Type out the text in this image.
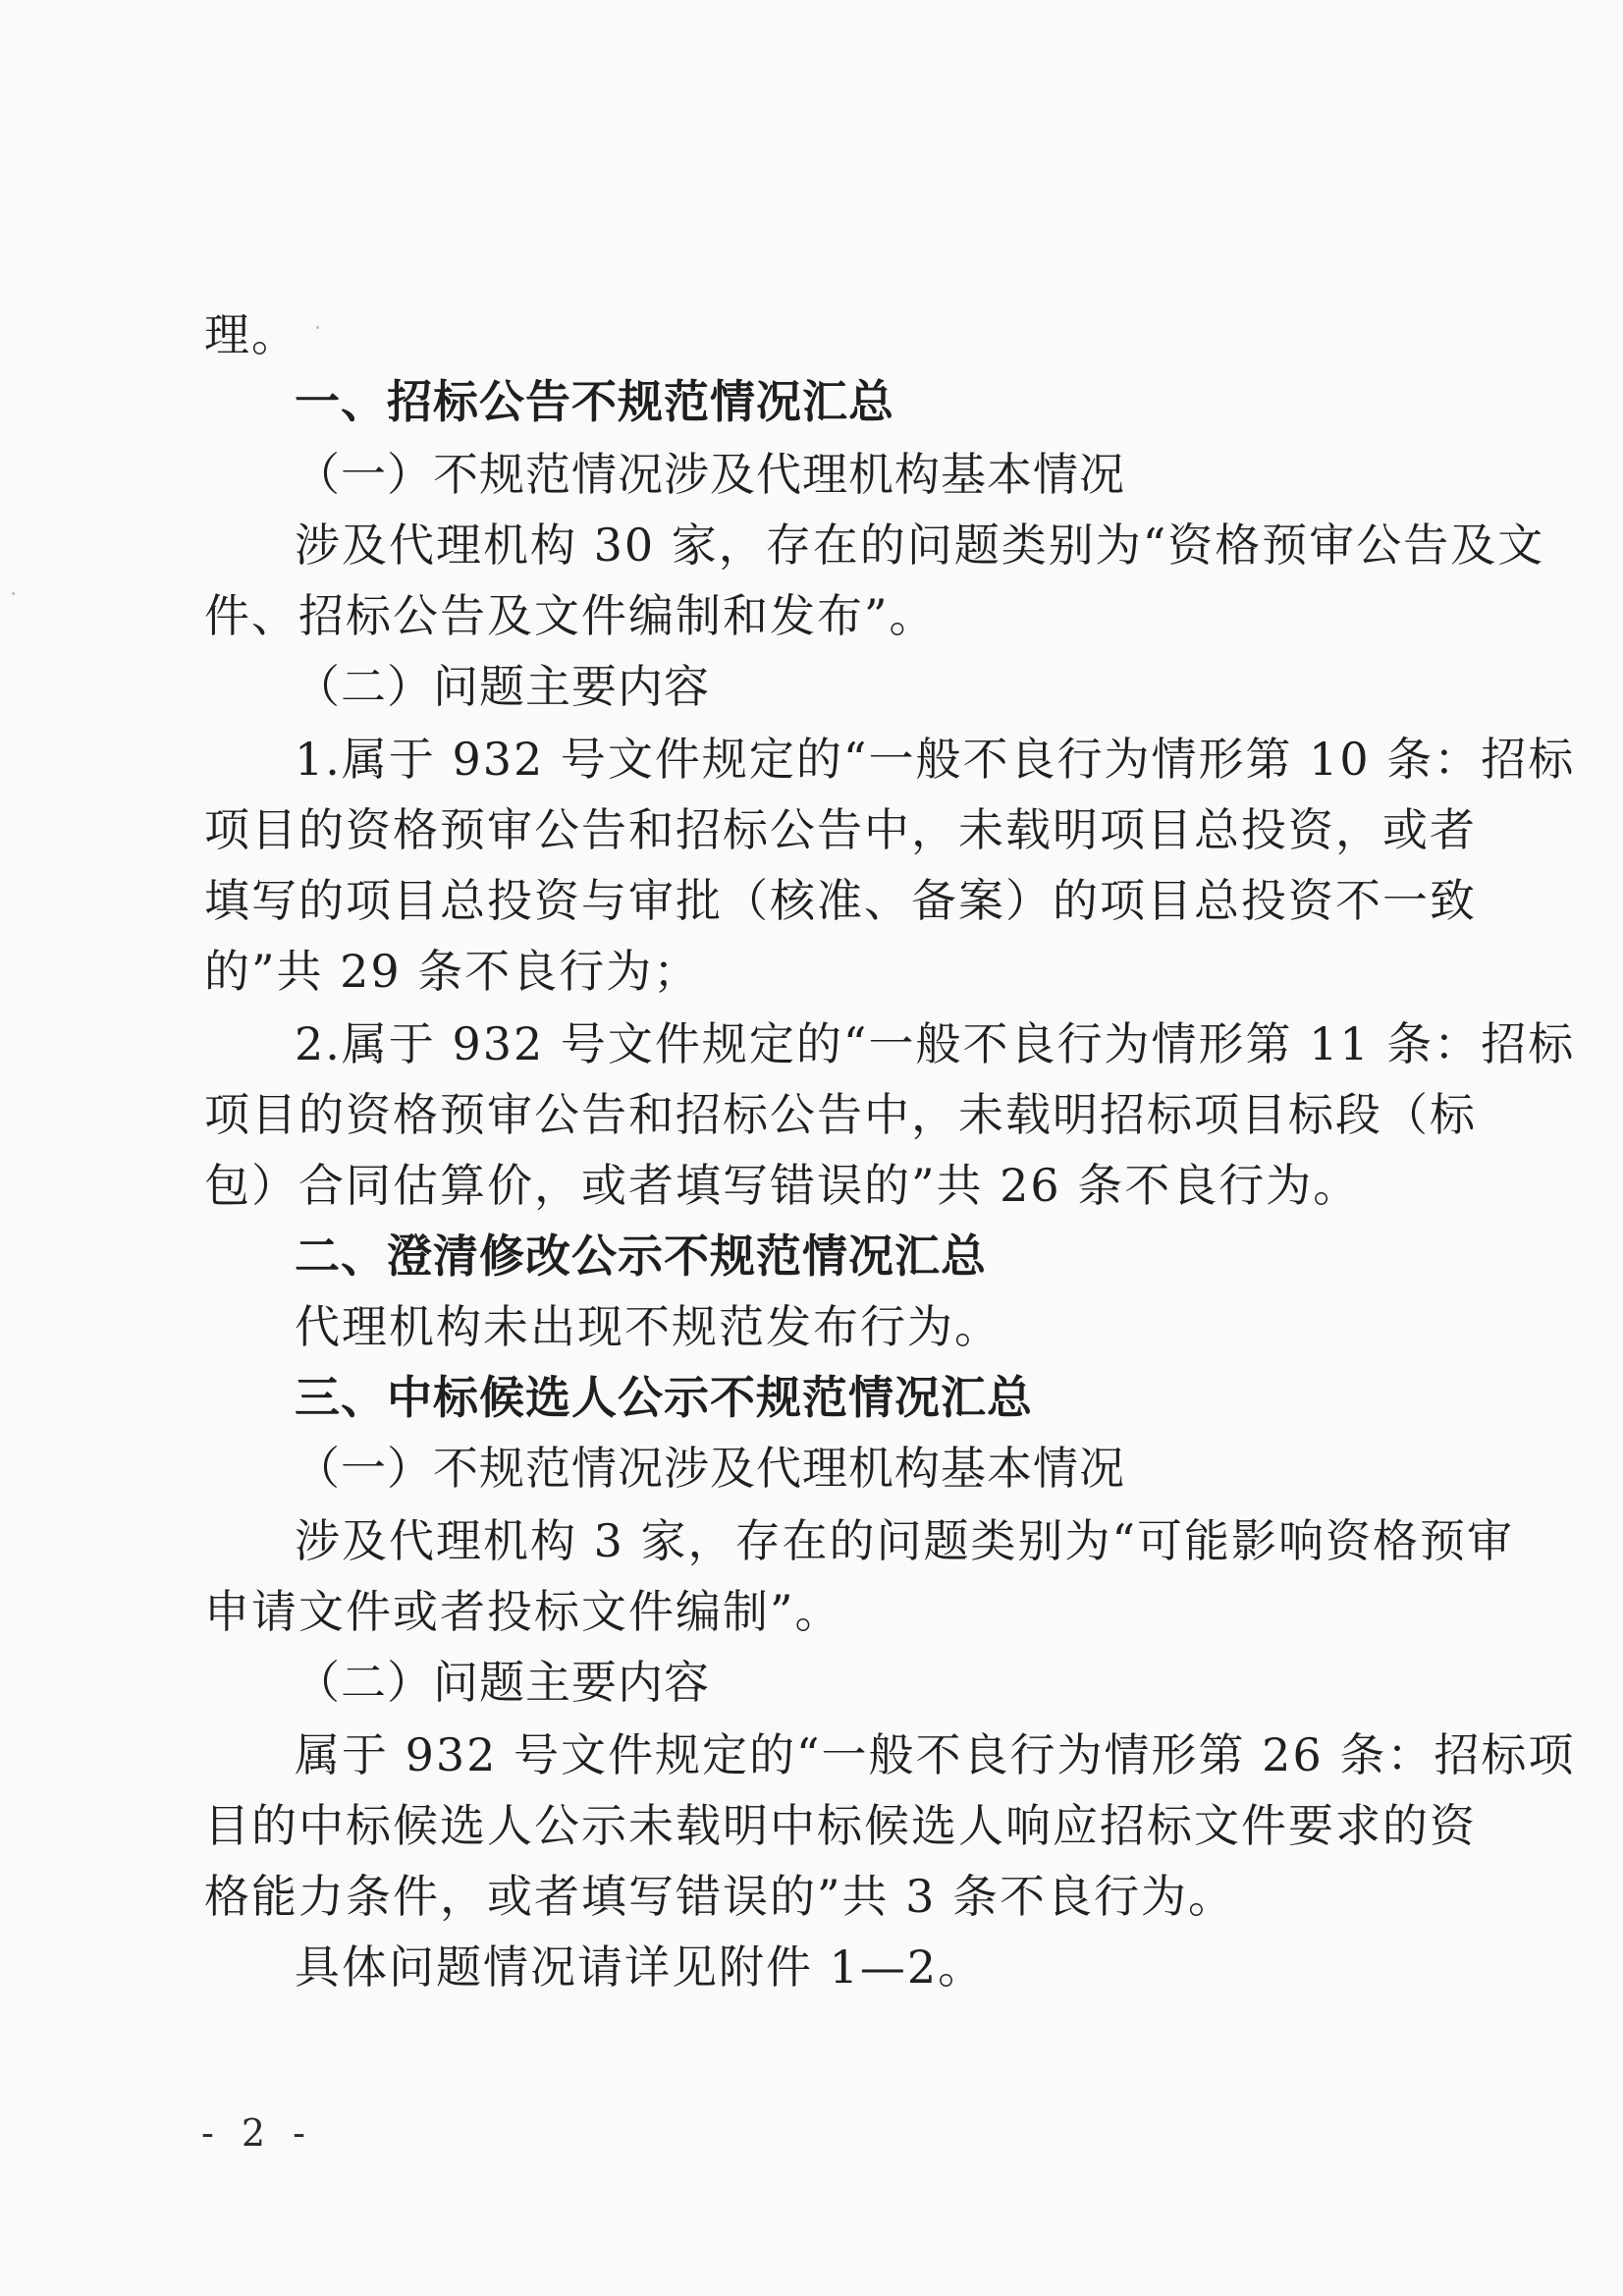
理。
一、招标公告不规范情况汇总
（一）不规范情况涉及代理机构基本情况
涉及代理机构 30 家，存在的问题类别为“资格预审公告及文
件、招标公告及文件编制和发布”。
（二）问题主要内容
1.属于 932 号文件规定的“一般不良行为情形第 10 条：招标
项目的资格预审公告和招标公告中，未载明项目总投资，或者
填写的项目总投资与审批（核准、备案）的项目总投资不一致
的”共 29 条不良行为；
2.属于 932 号文件规定的“一般不良行为情形第 11 条：招标
项目的资格预审公告和招标公告中，未载明招标项目标段（标
包）合同估算价，或者填写错误的”共 26 条不良行为。
二、澄清修改公示不规范情况汇总
代理机构未出现不规范发布行为。
三、中标候选人公示不规范情况汇总
（一）不规范情况涉及代理机构基本情况
涉及代理机构 3 家，存在的问题类别为“可能影响资格预审
申请文件或者投标文件编制”。
（二）问题主要内容
属于 932 号文件规定的“一般不良行为情形第 26 条：招标项
目的中标候选人公示未载明中标候选人响应招标文件要求的资
格能力条件，或者填写错误的”共 3 条不良行为。
具体问题情况请详见附件 1—2。
- 2 -
